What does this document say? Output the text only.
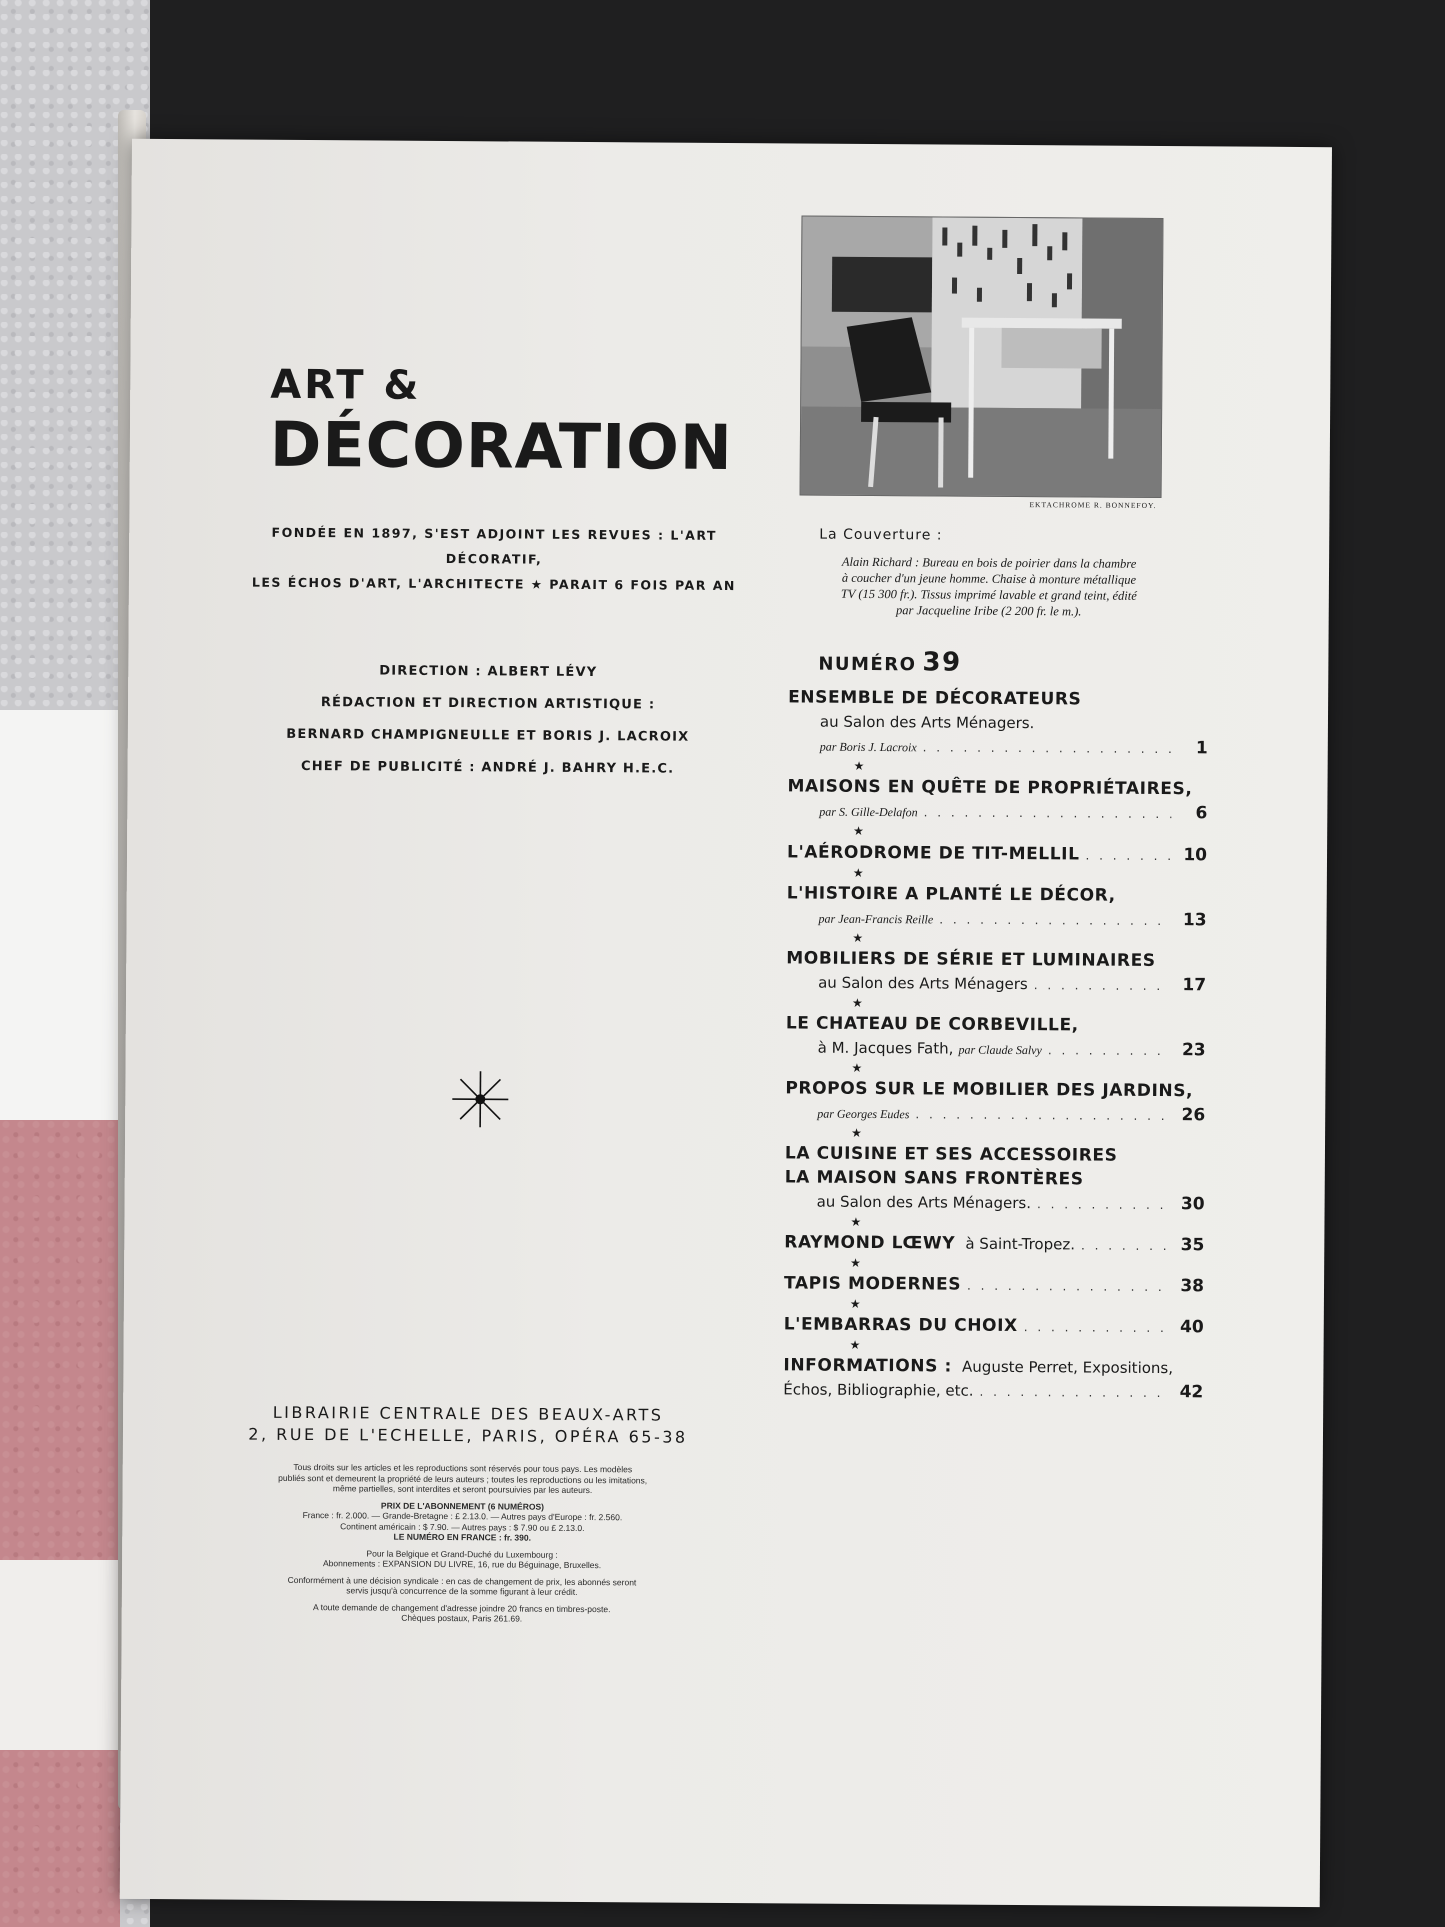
ART &
DÉCORATION
FONDÉE EN 1897, S'EST ADJOINT LES REVUES : L'ART DÉCORATIF,
LES ÉCHOS D'ART, L'ARCHITECTE ★ PARAIT 6 FOIS PAR AN
DIRECTION : ALBERT LÉVY
RÉDACTION ET DIRECTION ARTISTIQUE :
BERNARD CHAMPIGNEULLE ET BORIS J. LACROIX
CHEF DE PUBLICITÉ : ANDRÉ J. BAHRY H.E.C.
LIBRAIRIE CENTRALE DES BEAUX-ARTS
2, RUE DE L'ECHELLE, PARIS, OPÉRA 65-38
Tous droits sur les articles et les reproductions sont réservés pour tous pays. Les modèles
publiés sont et demeurent la propriété de leurs auteurs ; toutes les reproductions ou les imitations,
même partielles, sont interdites et seront poursuivies par les auteurs.
PRIX DE L'ABONNEMENT (6 NUMÉROS)
France : fr. 2.000. — Grande-Bretagne : £ 2.13.0. — Autres pays d'Europe : fr. 2.560.
Continent américain : $ 7.90. — Autres pays : $ 7.90 ou £ 2.13.0.
LE NUMÉRO EN FRANCE : fr. 390.
Pour la Belgique et Grand-Duché du Luxembourg :
Abonnements : EXPANSION DU LIVRE, 16, rue du Béguinage, Bruxelles.
Conformément à une décision syndicale : en cas de changement de prix, les abonnés seront
servis jusqu'à concurrence de la somme figurant à leur crédit.
A toute demande de changement d'adresse joindre 20 francs en timbres-poste.
Chèques postaux, Paris 261.69.
EKTACHROME R. BONNEFOY.
La Couverture :
Alain Richard : Bureau en bois de poirier dans la chambre
à coucher d'un jeune homme. Chaise à monture métallique
TV (15 300 fr.). Tissus imprimé lavable et grand teint, édité
par Jacqueline Iribe (2 200 fr. le m.).
NUMÉRO 39
ENSEMBLE DE DÉCORATEURS
au Salon des Arts Ménagers.
par Boris J. Lacroix . . .	1
★
MAISONS EN QUÊTE DE PROPRIÉTAIRES,
par S. Gille-Delafon . . .	6
★
L'AÉRODROME DE TIT-MELLIL . . .	10
★
L'HISTOIRE A PLANTÉ LE DÉCOR,
par Jean-Francis Reille . . .	13
★
MOBILIERS DE SÉRIE ET LUMINAIRES
au Salon des Arts Ménagers . . .	17
★
LE CHATEAU DE CORBEVILLE,
à M. Jacques Fath,
par Claude Salvy . . .	23
★
PROPOS SUR LE MOBILIER DES JARDINS,
par Georges Eudes . . .	26
★
LA CUISINE ET SES ACCESSOIRES
LA MAISON SANS FRONTÈRES
au Salon des Arts Ménagers. . . .	30
★
RAYMOND LŒWY
à Saint-Tropez. . . .	35
★
TAPIS MODERNES . . .	38
★
L'EMBARRAS DU CHOIX . . .	40
★
INFORMATIONS :
Auguste Perret, Expositions,
Échos, Bibliographie, etc. . . .	42
